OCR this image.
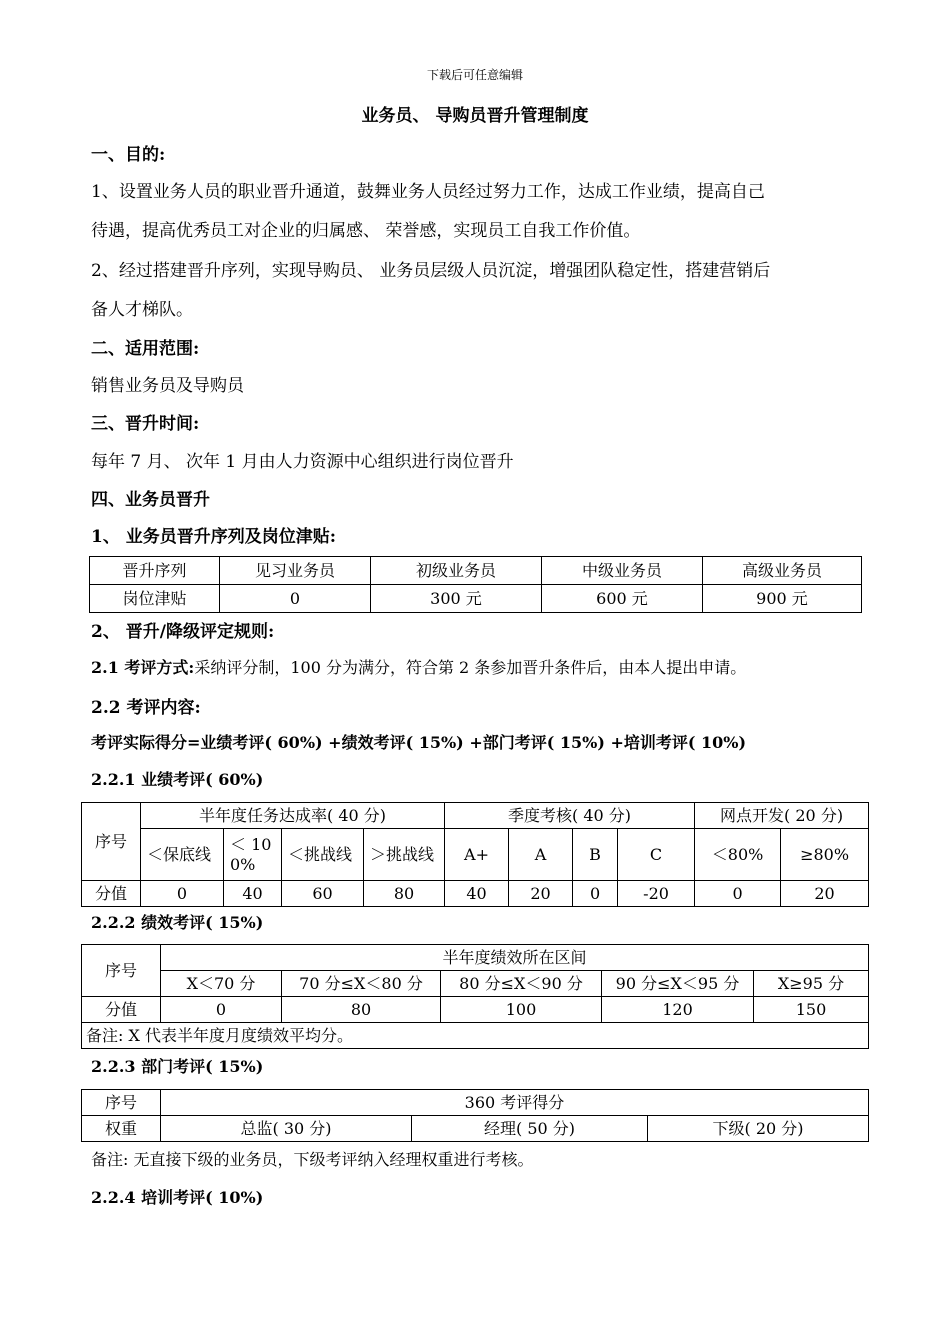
下载后可任意编辑
业务员、 导购员晋升管理制度
一、目的:
1、设置业务人员的职业晋升通道，鼓舞业务人员经过努力工作，达成工作业绩，提高自己
待遇，提高优秀员工对企业的归属感、 荣誉感，实现员工自我工作价值。
2、经过搭建晋升序列，实现导购员、 业务员层级人员沉淀，增强团队稳定性，搭建营销后
备人才梯队。
二、适用范围:
销售业务员及导购员
三、晋升时间:
每年 7 月、 次年 1 月由人力资源中心组织进行岗位晋升
四、业务员晋升
1、 业务员晋升序列及岗位津贴:
晋升序列	见习业务员	初级业务员	中级业务员	高级业务员
岗位津贴	0	300 元	600 元	900 元
2、 晋升/降级评定规则:
2.1 考评方式:采纳评分制，100 分为满分，符合第 2 条参加晋升条件后，由本人提出申请。
2.2 考评内容:
考评实际得分=业绩考评( 60%) +绩效考评( 15%) +部门考评( 15%) +培训考评( 10%)
2.2.1 业绩考评( 60%)
序号	半年度任务达成率( 40 分)				季度考核( 40 分)				网点开发( 20 分)	
	＜保底线	＜ 100%	＜挑战线	＞挑战线	A+	A	B	C	＜80%	≥80%
分值	0	40	60	80	40	20	0	-20	0	20
2.2.2 绩效考评( 15%)
序号	半年度绩效所在区间				
	X＜70 分	70 分≤X＜80 分	80 分≤X＜90 分	90 分≤X＜95 分	X≥95 分
分值	0	80	100	120	150
备注: X 代表半年度月度绩效平均分。					
2.2.3 部门考评( 15%)
序号	360 考评得分		
权重	总监( 30 分)	经理( 50 分)	下级( 20 分)
备注: 无直接下级的业务员，下级考评纳入经理权重进行考核。
2.2.4 培训考评( 10%)
